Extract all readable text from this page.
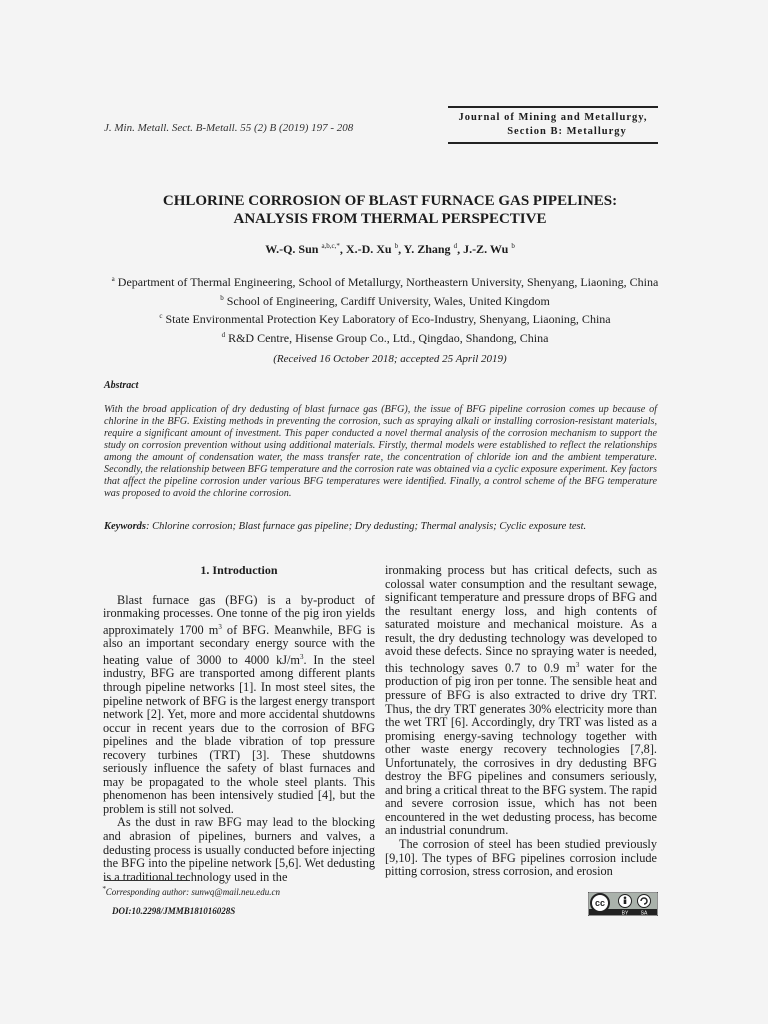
J. Min. Metall. Sect. B-Metall. 55 (2) B (2019) 197 - 208
Journal of Mining and Metallurgy,
Section B: Metallurgy
CHLORINE CORROSION OF BLAST FURNACE GAS PIPELINES:
ANALYSIS FROM THERMAL PERSPECTIVE
W.-Q. Sun $^{a,b,c,*}$, X.-D. Xu $^b$, Y. Zhang $^d$, J.-Z. Wu $^b$
$^a$ Department of Thermal Engineering, School of Metallurgy, Northeastern University, Shenyang, Liaoning, China
$^b$ School of Engineering, Cardiff University, Wales, United Kingdom
$^c$ State Environmental Protection Key Laboratory of Eco-Industry, Shenyang, Liaoning, China
$^d$ R&D Centre, Hisense Group Co., Ltd., Qingdao, Shandong, China
(Received 16 October 2018; accepted 25 April 2019)
Abstract
With the broad application of dry dedusting of blast furnace gas (BFG), the issue of BFG pipeline corrosion comes up because of chlorine in the BFG. Existing methods in preventing the corrosion, such as spraying alkali or installing corrosion-resistant materials, require a significant amount of investment. This paper conducted a novel thermal analysis of the corrosion mechanism to support the study on corrosion prevention without using additional materials. Firstly, thermal models were established to reflect the relationships among the amount of condensation water, the mass transfer rate, the concentration of chloride ion and the ambient temperature. Secondly, the relationship between BFG temperature and the corrosion rate was obtained via a cyclic exposure experiment. Key factors that affect the pipeline corrosion under various BFG temperatures were identified. Finally, a control scheme of the BFG temperature was proposed to avoid the chlorine corrosion.
Keywords: Chlorine corrosion; Blast furnace gas pipeline; Dry dedusting; Thermal analysis; Cyclic exposure test.
1. Introduction

Blast furnace gas (BFG) is a by-product of ironmaking processes. One tonne of the pig iron yields approximately 1700 $m^3$ of BFG. Meanwhile, BFG is also an important secondary energy source with the heating value of 3000 to 4000 $kJ/m^3$. In the steel industry, BFG are transported among different plants through pipeline networks [1]. In most steel sites, the pipeline network of BFG is the largest energy transport network [2]. Yet, more and more accidental shutdowns occur in recent years due to the corrosion of BFG pipelines and the blade vibration of top pressure recovery turbines (TRT) [3]. These shutdowns seriously influence the safety of blast furnaces and may be propagated to the whole steel plants. This phenomenon has been intensively studied [4], but the problem is still not solved.

As the dust in raw BFG may lead to the blocking and abrasion of pipelines, burners and valves, a dedusting process is usually conducted before injecting the BFG into the pipeline network [5,6]. Wet dedusting is a traditional technology used in the

ironmaking process but has critical defects, such as colossal water consumption and the resultant sewage, significant temperature and pressure drops of BFG and the resultant energy loss, and high contents of saturated moisture and mechanical moisture. As a result, the dry dedusting technology was developed to avoid these defects. Since no spraying water is needed, this technology saves 0.7 to 0.9 $m^3$ water for the production of pig iron per tonne. The sensible heat and pressure of BFG is also extracted to drive dry TRT. Thus, the dry TRT generates 30% electricity more than the wet TRT [6]. Accordingly, dry TRT was listed as a promising energy-saving technology together with other waste energy recovery technologies [7,8]. Unfortunately, the corrosives in dry dedusting BFG destroy the BFG pipelines and consumers seriously, and bring a critical threat to the BFG system. The rapid and severe corrosion issue, which has not been encountered in the wet dedusting process, has become an industrial conundrum.

The corrosion of steel has been studied previously [9,10]. The types of BFG pipelines corrosion include pitting corrosion, stress corrosion, and erosion

*Corresponding author: sunwq@mail.neu.edu.cn
DOI:10.2298/JMMB181016028S
cc
BY SA
